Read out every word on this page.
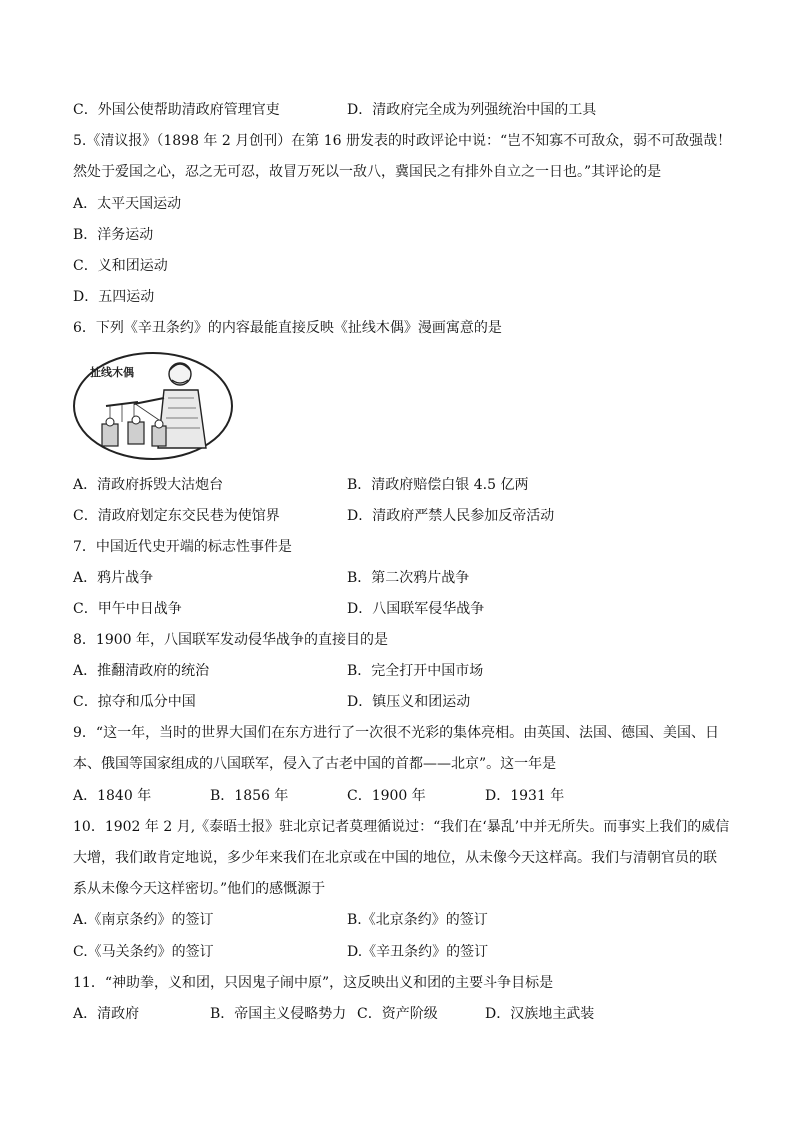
C．外国公使帮助清政府管理官吏	D．清政府完全成为列强统治中国的工具
5.《清议报》（1898 年 2 月创刊）在第 16 册发表的时政评论中说：“岂不知寡不可敌众，弱不可敌强哉！
然处于爱国之心，忍之无可忍，故冒万死以一敌八，冀国民之有排外自立之一日也。”其评论的是
A．太平天国运动
B．洋务运动
C．义和团运动
D．五四运动
6．下列《辛丑条约》的内容最能直接反映《扯线木偶》漫画寓意的是
扯线木偶
A．清政府拆毁大沽炮台	B．清政府赔偿白银 4.5 亿两
C．清政府划定东交民巷为使馆界	D．清政府严禁人民参加反帝活动
7．中国近代史开端的标志性事件是
A．鸦片战争	B．第二次鸦片战争
C．甲午中日战争	D．八国联军侵华战争
8．1900 年，八国联军发动侵华战争的直接目的是
A．推翻清政府的统治	B．完全打开中国市场
C．掠夺和瓜分中国	D．镇压义和团运动
9．“这一年，当时的世界大国们在东方进行了一次很不光彩的集体亮相。由英国、法国、德国、美国、日
本、俄国等国家组成的八国联军，侵入了古老中国的首都——北京”。这一年是
A．1840 年	B．1856 年	C．1900 年	D．1931 年
10．1902 年 2 月,《泰晤士报》驻北京记者莫理循说过：“我们在‘暴乱’中并无所失。而事实上我们的威信
大增，我们敢肯定地说，多少年来我们在北京或在中国的地位，从未像今天这样高。我们与清朝官员的联
系从未像今天这样密切。”他们的感慨源于
A.《南京条约》的签订	B.《北京条约》的签订
C.《马关条约》的签订	D.《辛丑条约》的签订
11．“神助拳，义和团，只因鬼子闹中原”，这反映出义和团的主要斗争目标是
A．清政府	B．帝国主义侵略势力 C．资产阶级	D．汉族地主武装
